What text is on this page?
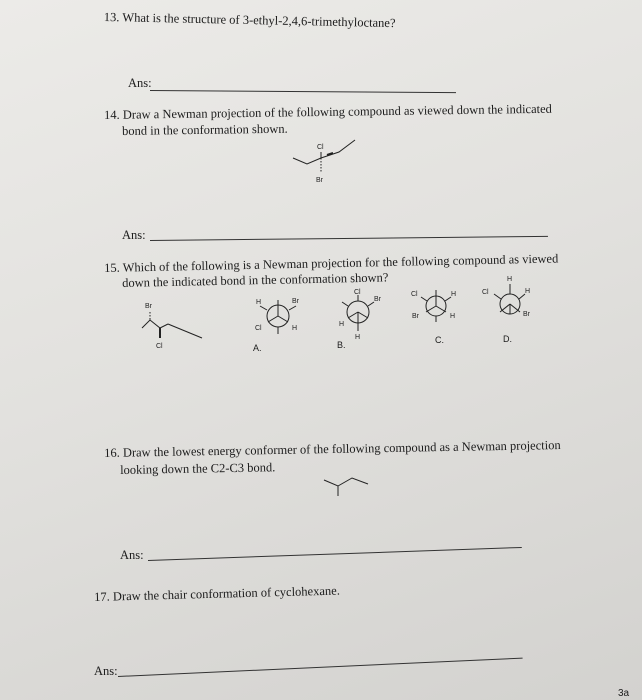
13. What is the structure of 3-ethyl-2,4,6-trimethyloctane?
Ans:
14. Draw a Newman projection of the following compound as viewed down the indicated
bond in the conformation shown.
Cl
Br
Ans:
15. Which of the following is a Newman projection for the following compound as viewed
down the indicated bond in the conformation shown?
Br
Cl
H	Br
Cl	H
A.
Cl
Br
H
H
B.
Cl	H
Br	H
C.
H
Cl	H
Br
D.
16. Draw the lowest energy conformer of the following compound as a Newman projection
looking down the C2-C3 bond.
Ans:
17. Draw the chair conformation of cyclohexane.
Ans:
3a
